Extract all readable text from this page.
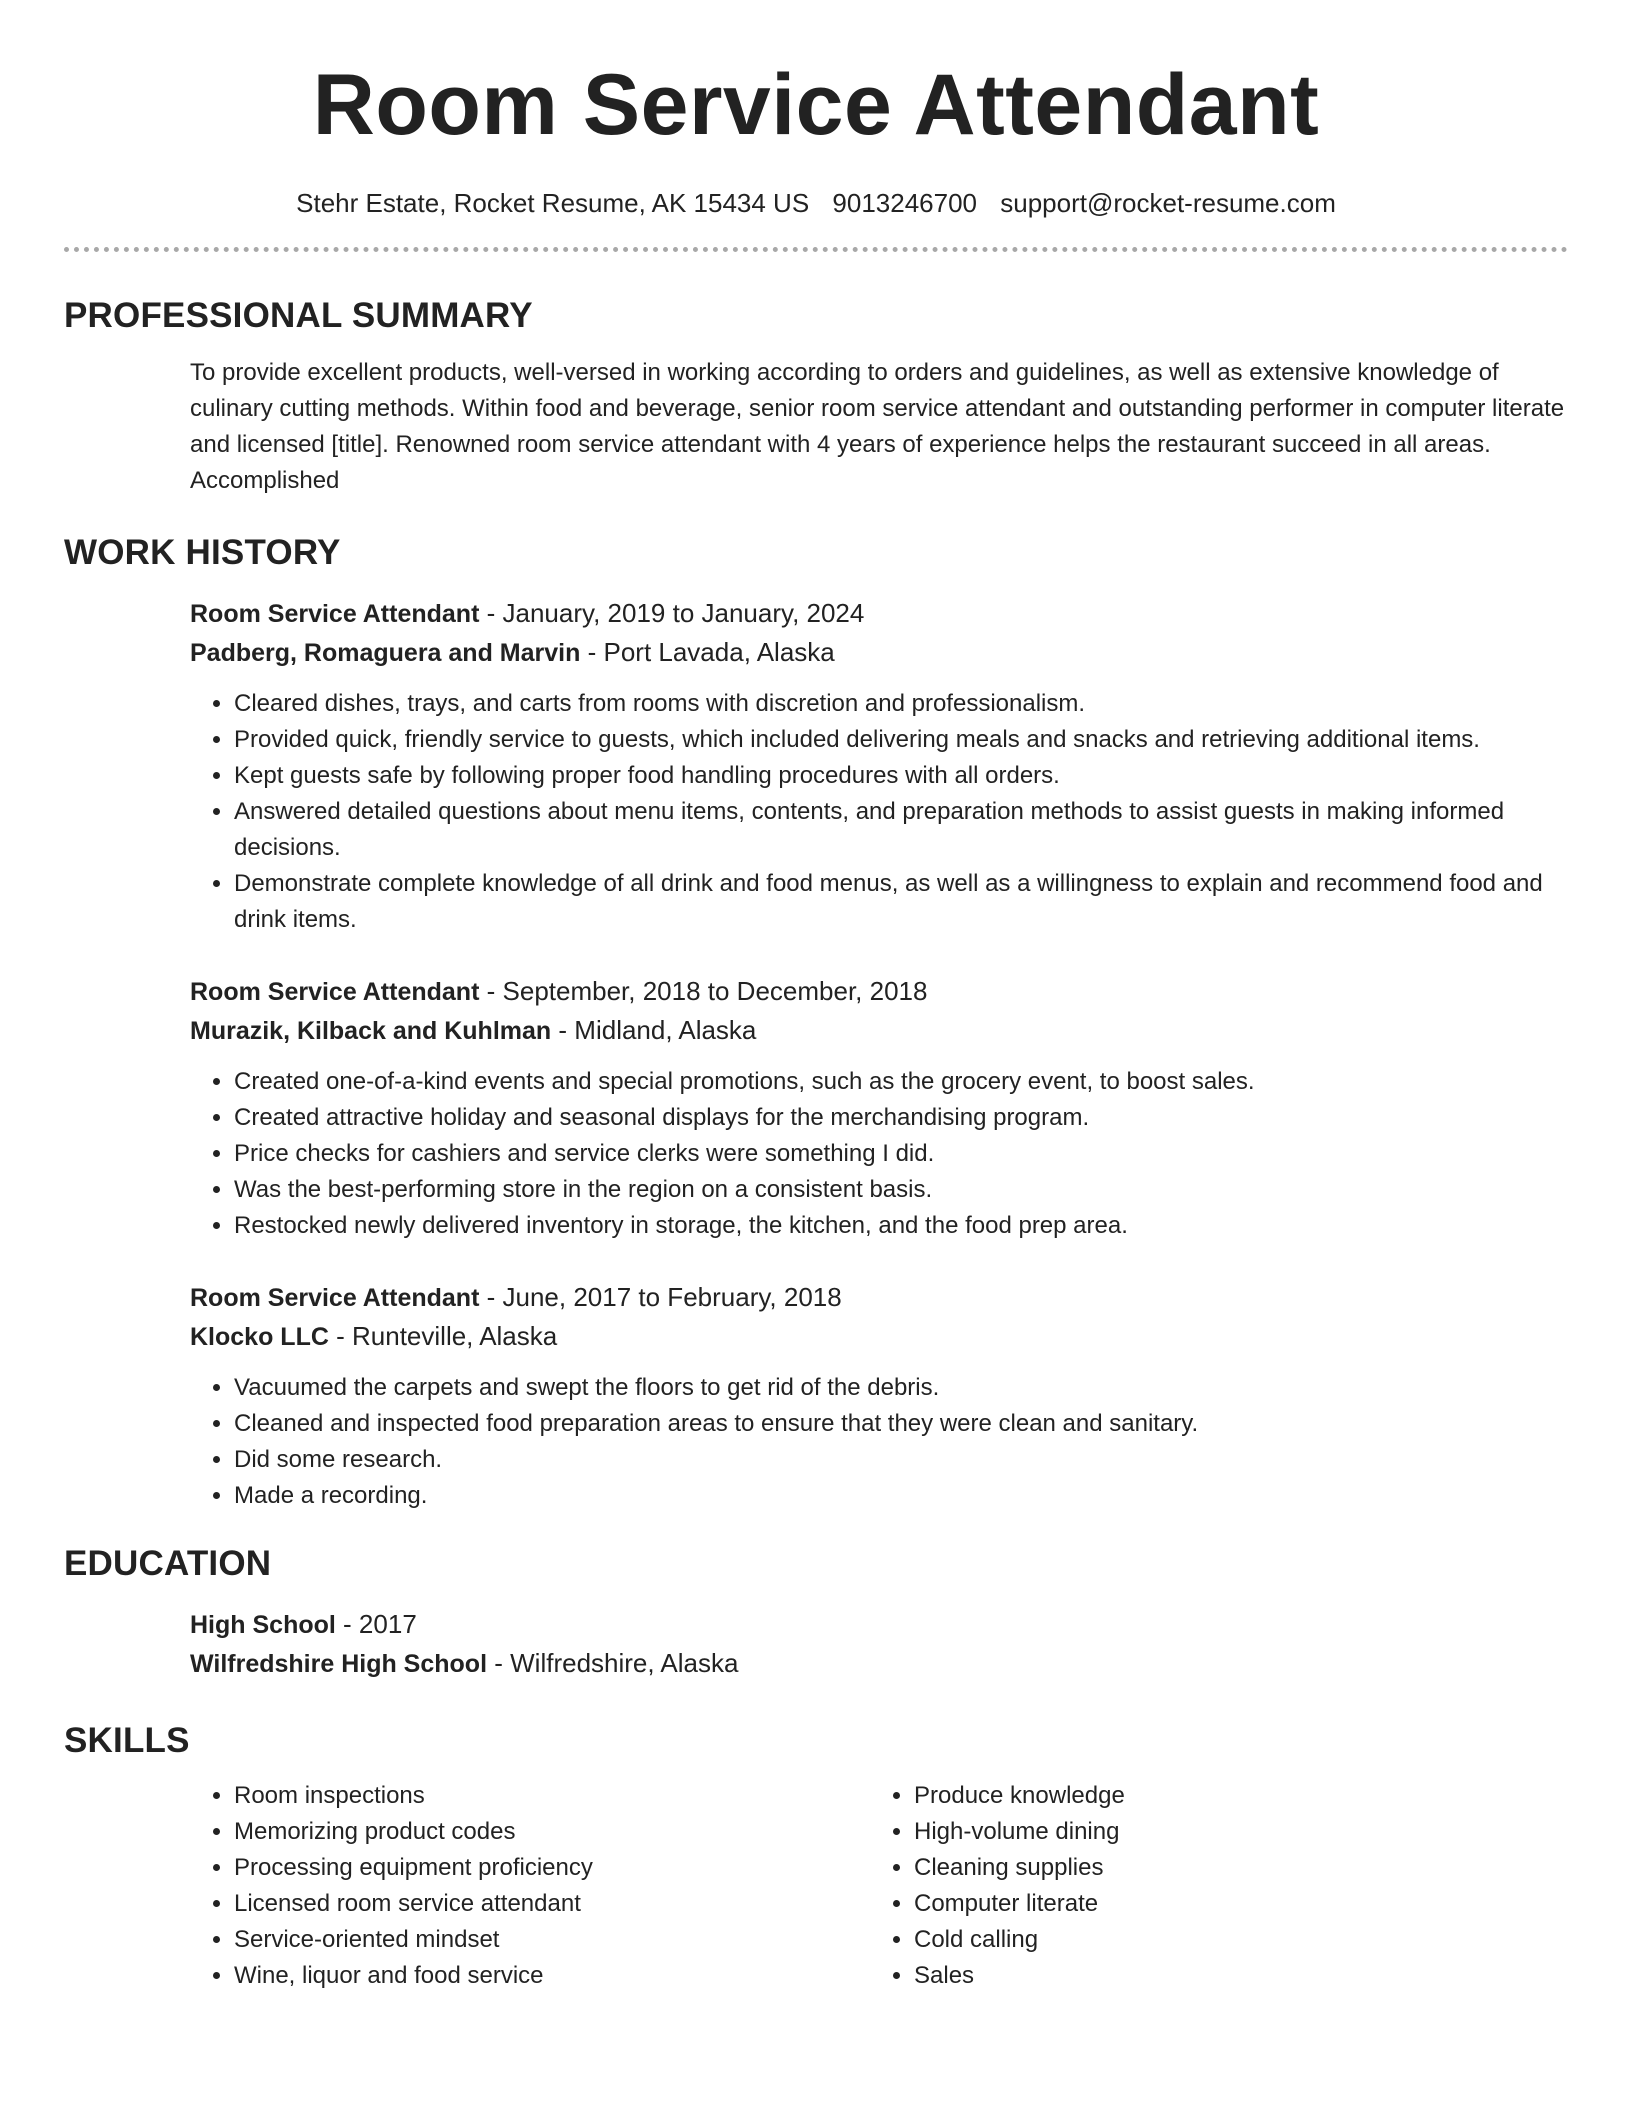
Room Service Attendant
Stehr Estate, Rocket Resume, AK 15434 US 9013246700 support@rocket-resume.com
PROFESSIONAL SUMMARY

To provide excellent products, well-versed in working according to orders and guidelines, as well as extensive knowledge of culinary cutting methods. Within food and beverage, senior room service attendant and outstanding performer in computer literate and licensed [title]. Renowned room service attendant with 4 years of experience helps the restaurant succeed in all areas. Accomplished

WORK HISTORY
Room Service Attendant - January, 2019 to January, 2024
Padberg, Romaguera and Marvin - Port Lavada, Alaska
• Cleared dishes, trays, and carts from rooms with discretion and professionalism.
• Provided quick, friendly service to guests, which included delivering meals and snacks and retrieving additional items.
• Kept guests safe by following proper food handling procedures with all orders.
• Answered detailed questions about menu items, contents, and preparation methods to assist guests in making informed decisions.
• Demonstrate complete knowledge of all drink and food menus, as well as a willingness to explain and recommend food and drink items.
Room Service Attendant - September, 2018 to December, 2018
Murazik, Kilback and Kuhlman - Midland, Alaska
• Created one-of-a-kind events and special promotions, such as the grocery event, to boost sales.
• Created attractive holiday and seasonal displays for the merchandising program.
• Price checks for cashiers and service clerks were something I did.
• Was the best-performing store in the region on a consistent basis.
• Restocked newly delivered inventory in storage, the kitchen, and the food prep area.
Room Service Attendant - June, 2017 to February, 2018
Klocko LLC - Runteville, Alaska
• Vacuumed the carpets and swept the floors to get rid of the debris.
• Cleaned and inspected food preparation areas to ensure that they were clean and sanitary.
• Did some research.
• Made a recording.
EDUCATION
High School - 2017
Wilfredshire High School - Wilfredshire, Alaska
SKILLS
• Room inspections
• Memorizing product codes
• Processing equipment proficiency
• Licensed room service attendant
• Service-oriented mindset
• Wine, liquor and food service
• Produce knowledge
• High-volume dining
• Cleaning supplies
• Computer literate
• Cold calling
• Sales
